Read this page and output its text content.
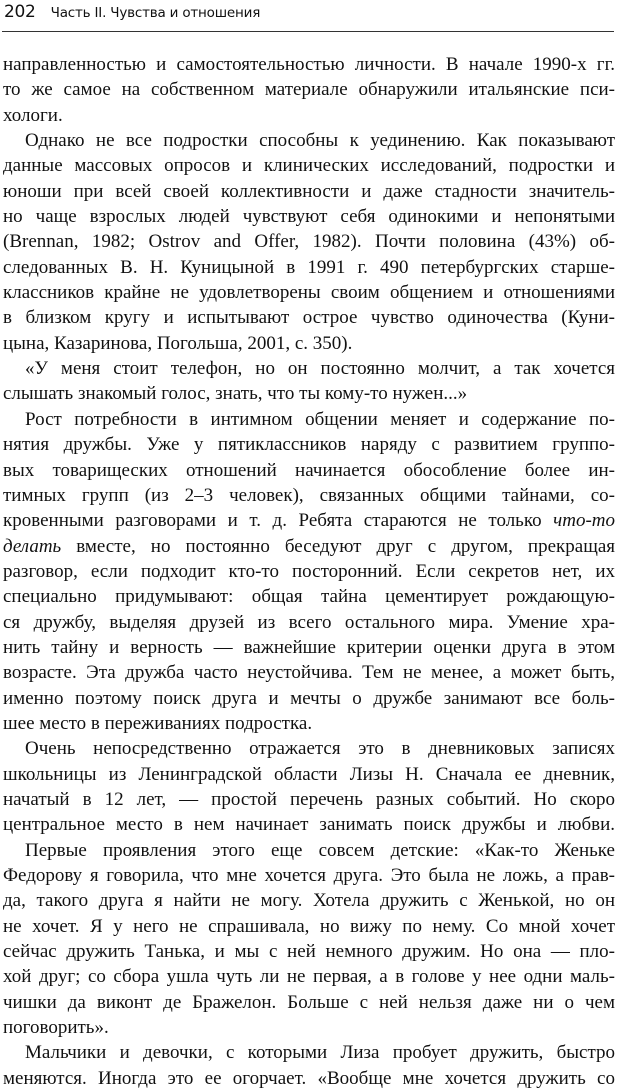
202 Часть II. Чувства и отношения
направленностью и самостоятельностью личности. В начале 1990-х гг.
то же самое на собственном материале обнаружили итальянские пси-
хологи.
Однако не все подростки способны к уединению. Как показывают
данные массовых опросов и клинических исследований, подростки и
юноши при всей своей коллективности и даже стадности значитель-
но чаще взрослых людей чувствуют себя одинокими и непонятыми
(Brennan, 1982; Ostrov and Offer, 1982). Почти половина (43%) об-
следованных В. Н. Куницыной в 1991 г. 490 петербургских старше-
классников крайне не удовлетворены своим общением и отношениями
в близком кругу и испытывают острое чувство одиночества (Куни-
цына, Казаринова, Погольша, 2001, с. 350).
«У меня стоит телефон, но он постоянно молчит, а так хочется
слышать знакомый голос, знать, что ты кому-то нужен...»
Рост потребности в интимном общении меняет и содержание по-
нятия дружбы. Уже у пятиклассников наряду с развитием группо-
вых товарищеских отношений начинается обособление более ин-
тимных групп (из 2–3 человек), связанных общими тайнами, со-
кровенными разговорами и т. д. Ребята стараются не только что-то
делать вместе, но постоянно беседуют друг с другом, прекращая
разговор, если подходит кто-то посторонний. Если секретов нет, их
специально придумывают: общая тайна цементирует рождающую-
ся дружбу, выделяя друзей из всего остального мира. Умение хра-
нить тайну и верность — важнейшие критерии оценки друга в этом
возрасте. Эта дружба часто неустойчива. Тем не менее, а может быть,
именно поэтому поиск друга и мечты о дружбе занимают все боль-
шее место в переживаниях подростка.
Очень непосредственно отражается это в дневниковых записях
школьницы из Ленинградской области Лизы Н. Сначала ее дневник,
начатый в 12 лет, — простой перечень разных событий. Но скоро
центральное место в нем начинает занимать поиск дружбы и любви.
Первые проявления этого еще совсем детские: «Как-то Женьке
Федорову я говорила, что мне хочется друга. Это была не ложь, а прав-
да, такого друга я найти не могу. Хотела дружить с Женькой, но он
не хочет. Я у него не спрашивала, но вижу по нему. Со мной хочет
сейчас дружить Танька, и мы с ней немного дружим. Но она — пло-
хой друг; со сбора ушла чуть ли не первая, а в голове у нее одни маль-
чишки да виконт де Бражелон. Больше с ней нельзя даже ни о чем
поговорить».
Мальчики и девочки, с которыми Лиза пробует дружить, быстро
меняются. Иногда это ее огорчает. «Вообще мне хочется дружить со
